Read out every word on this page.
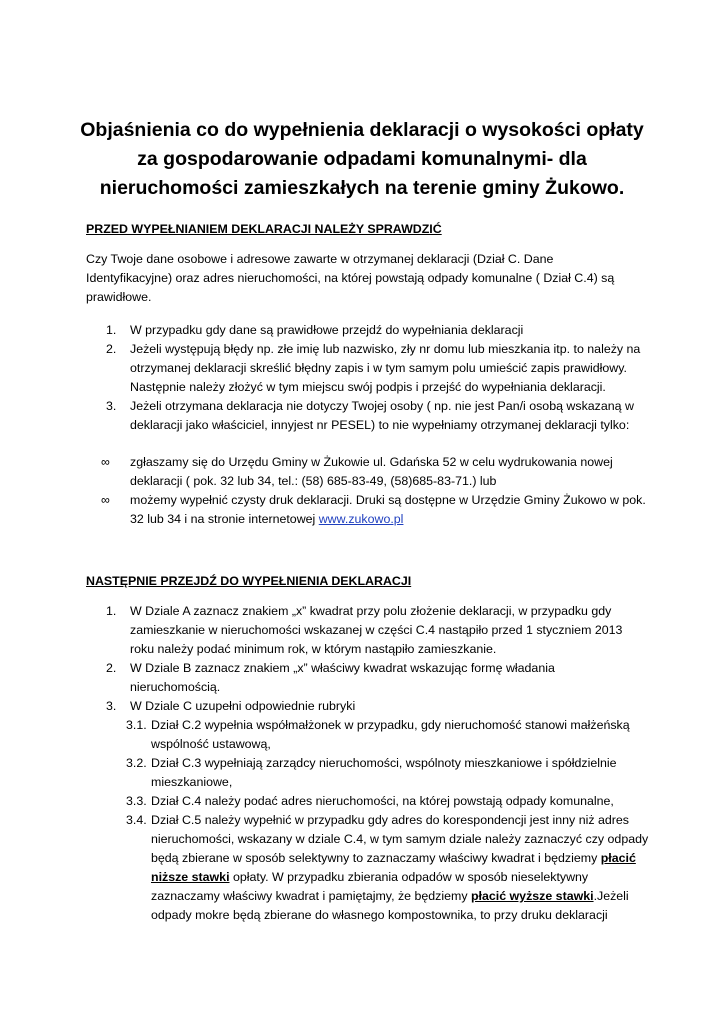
Objaśnienia co do wypełnienia deklaracji o wysokości opłaty
za gospodarowanie odpadami komunalnymi- dla
nieruchomości zamieszkałych na terenie gminy Żukowo.
PRZED WYPEŁNIANIEM DEKLARACJI NALEŻY SPRAWDZIĆ
Czy Twoje dane osobowe i adresowe zawarte w otrzymanej deklaracji (Dział C. Dane
Identyfikacyjne) oraz adres nieruchomości, na której powstają odpady komunalne ( Dział C.4) są
prawidłowe.
1. W przypadku gdy dane są prawidłowe przejdź do wypełniania deklaracji
2. Jeżeli występują błędy np. złe imię lub nazwisko, zły nr domu lub mieszkania itp. to należy na
otrzymanej deklaracji skreślić błędny zapis i w tym samym polu umieścić zapis prawidłowy.
Następnie należy złożyć w tym miejscu swój podpis i przejść do wypełniania deklaracji.
3. Jeżeli otrzymana deklaracja nie dotyczy Twojej osoby ( np. nie jest Pan/i osobą wskazaną w
deklaracji jako właściciel, innyjest nr PESEL) to nie wypełniamy otrzymanej deklaracji tylko:
∞ zgłaszamy się do Urzędu Gminy w Żukowie ul. Gdańska 52 w celu wydrukowania nowej
deklaracji ( pok. 32 lub 34, tel.: (58) 685-83-49, (58)685-83-71.) lub
∞ możemy wypełnić czysty druk deklaracji. Druki są dostępne w Urzędzie Gminy Żukowo w pok.
32 lub 34 i na stronie internetowej www.zukowo.pl
NASTĘPNIE PRZEJDŹ DO WYPEŁNIENIA DEKLARACJI
1. W Dziale A zaznacz znakiem „x” kwadrat przy polu złożenie deklaracji, w przypadku gdy
zamieszkanie w nieruchomości wskazanej w części C.4 nastąpiło przed 1 styczniem 2013
roku należy podać minimum rok, w którym nastąpiło zamieszkanie.
2. W Dziale B zaznacz znakiem „x” właściwy kwadrat wskazując formę władania
nieruchomością.
3. W Dziale C uzupełni odpowiednie rubryki
3.1. Dział C.2 wypełnia współmałżonek w przypadku, gdy nieruchomość stanowi małżeńską
wspólność ustawową,
3.2. Dział C.3 wypełniają zarządcy nieruchomości, wspólnoty mieszkaniowe i spółdzielnie
mieszkaniowe,
3.3. Dział C.4 należy podać adres nieruchomości, na której powstają odpady komunalne,
3.4. Dział C.5 należy wypełnić w przypadku gdy adres do korespondencji jest inny niż adres
nieruchomości, wskazany w dziale C.4, w tym samym dziale należy zaznaczyć czy odpady
będą zbierane w sposób selektywny to zaznaczamy właściwy kwadrat i będziemy płacić
niższe stawki opłaty. W przypadku zbierania odpadów w sposób nieselektywny
zaznaczamy właściwy kwadrat i pamiętajmy, że będziemy płacić wyższe stawki.Jeżeli
odpady mokre będą zbierane do własnego kompostownika, to przy druku deklaracji
